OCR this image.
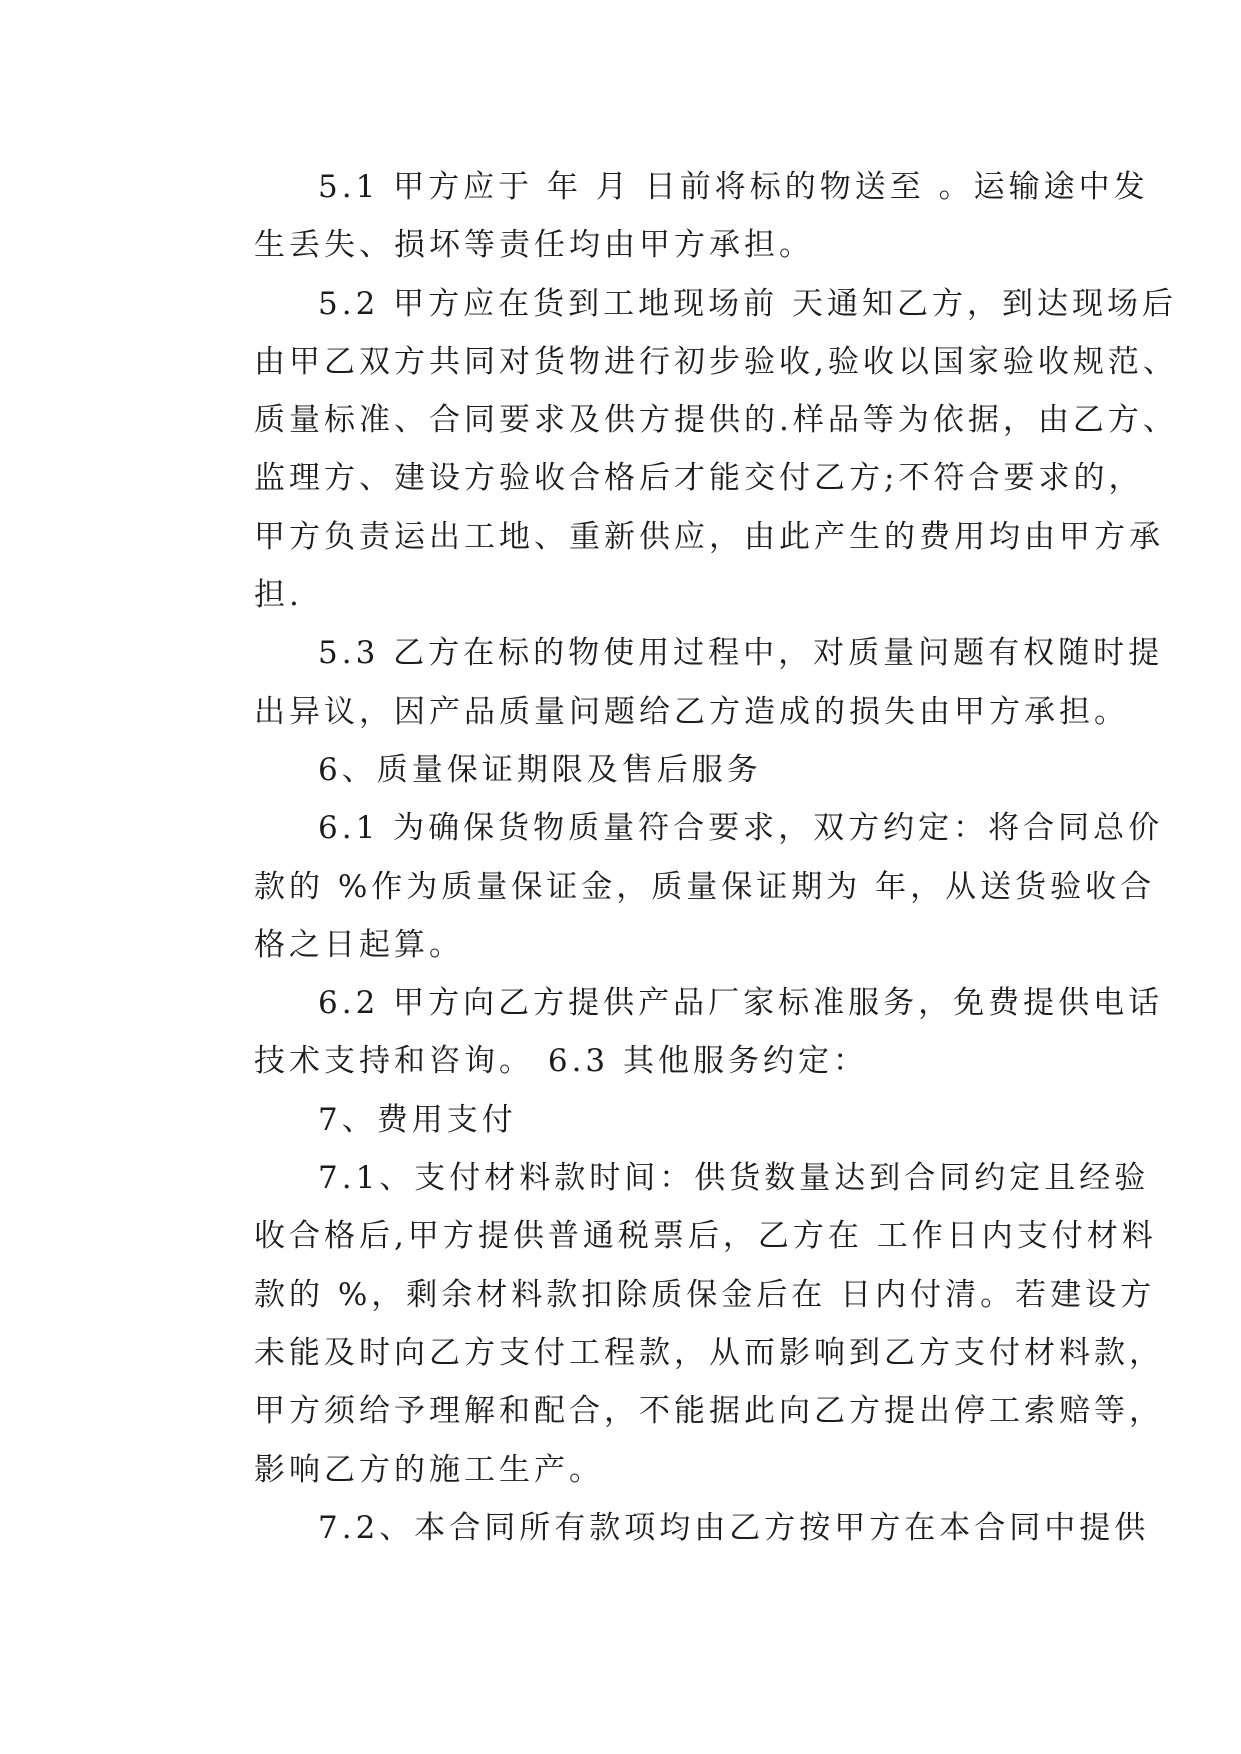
5.1 甲方应于 年 月 日前将标的物送至 。运输途中发
生丢失、损坏等责任均由甲方承担。

5.2 甲方应在货到工地现场前 天通知乙方，到达现场后
由甲乙双方共同对货物进行初步验收,验收以国家验收规范、
质量标准、合同要求及供方提供的.样品等为依据，由乙方、
监理方、建设方验收合格后才能交付乙方;不符合要求的，
甲方负责运出工地、重新供应，由此产生的费用均由甲方承
担.

5.3 乙方在标的物使用过程中，对质量问题有权随时提
出异议，因产品质量问题给乙方造成的损失由甲方承担。

6、质量保证期限及售后服务

6.1 为确保货物质量符合要求，双方约定：将合同总价
款的 %作为质量保证金，质量保证期为 年，从送货验收合
格之日起算。

6.2 甲方向乙方提供产品厂家标准服务，免费提供电话
技术支持和咨询。 6.3 其他服务约定：

7、费用支付

7.1、支付材料款时间：供货数量达到合同约定且经验
收合格后,甲方提供普通税票后，乙方在 工作日内支付材料
款的 %，剩余材料款扣除质保金后在 日内付清。若建设方
未能及时向乙方支付工程款，从而影响到乙方支付材料款，
甲方须给予理解和配合，不能据此向乙方提出停工索赔等，
影响乙方的施工生产。

7.2、本合同所有款项均由乙方按甲方在本合同中提供
